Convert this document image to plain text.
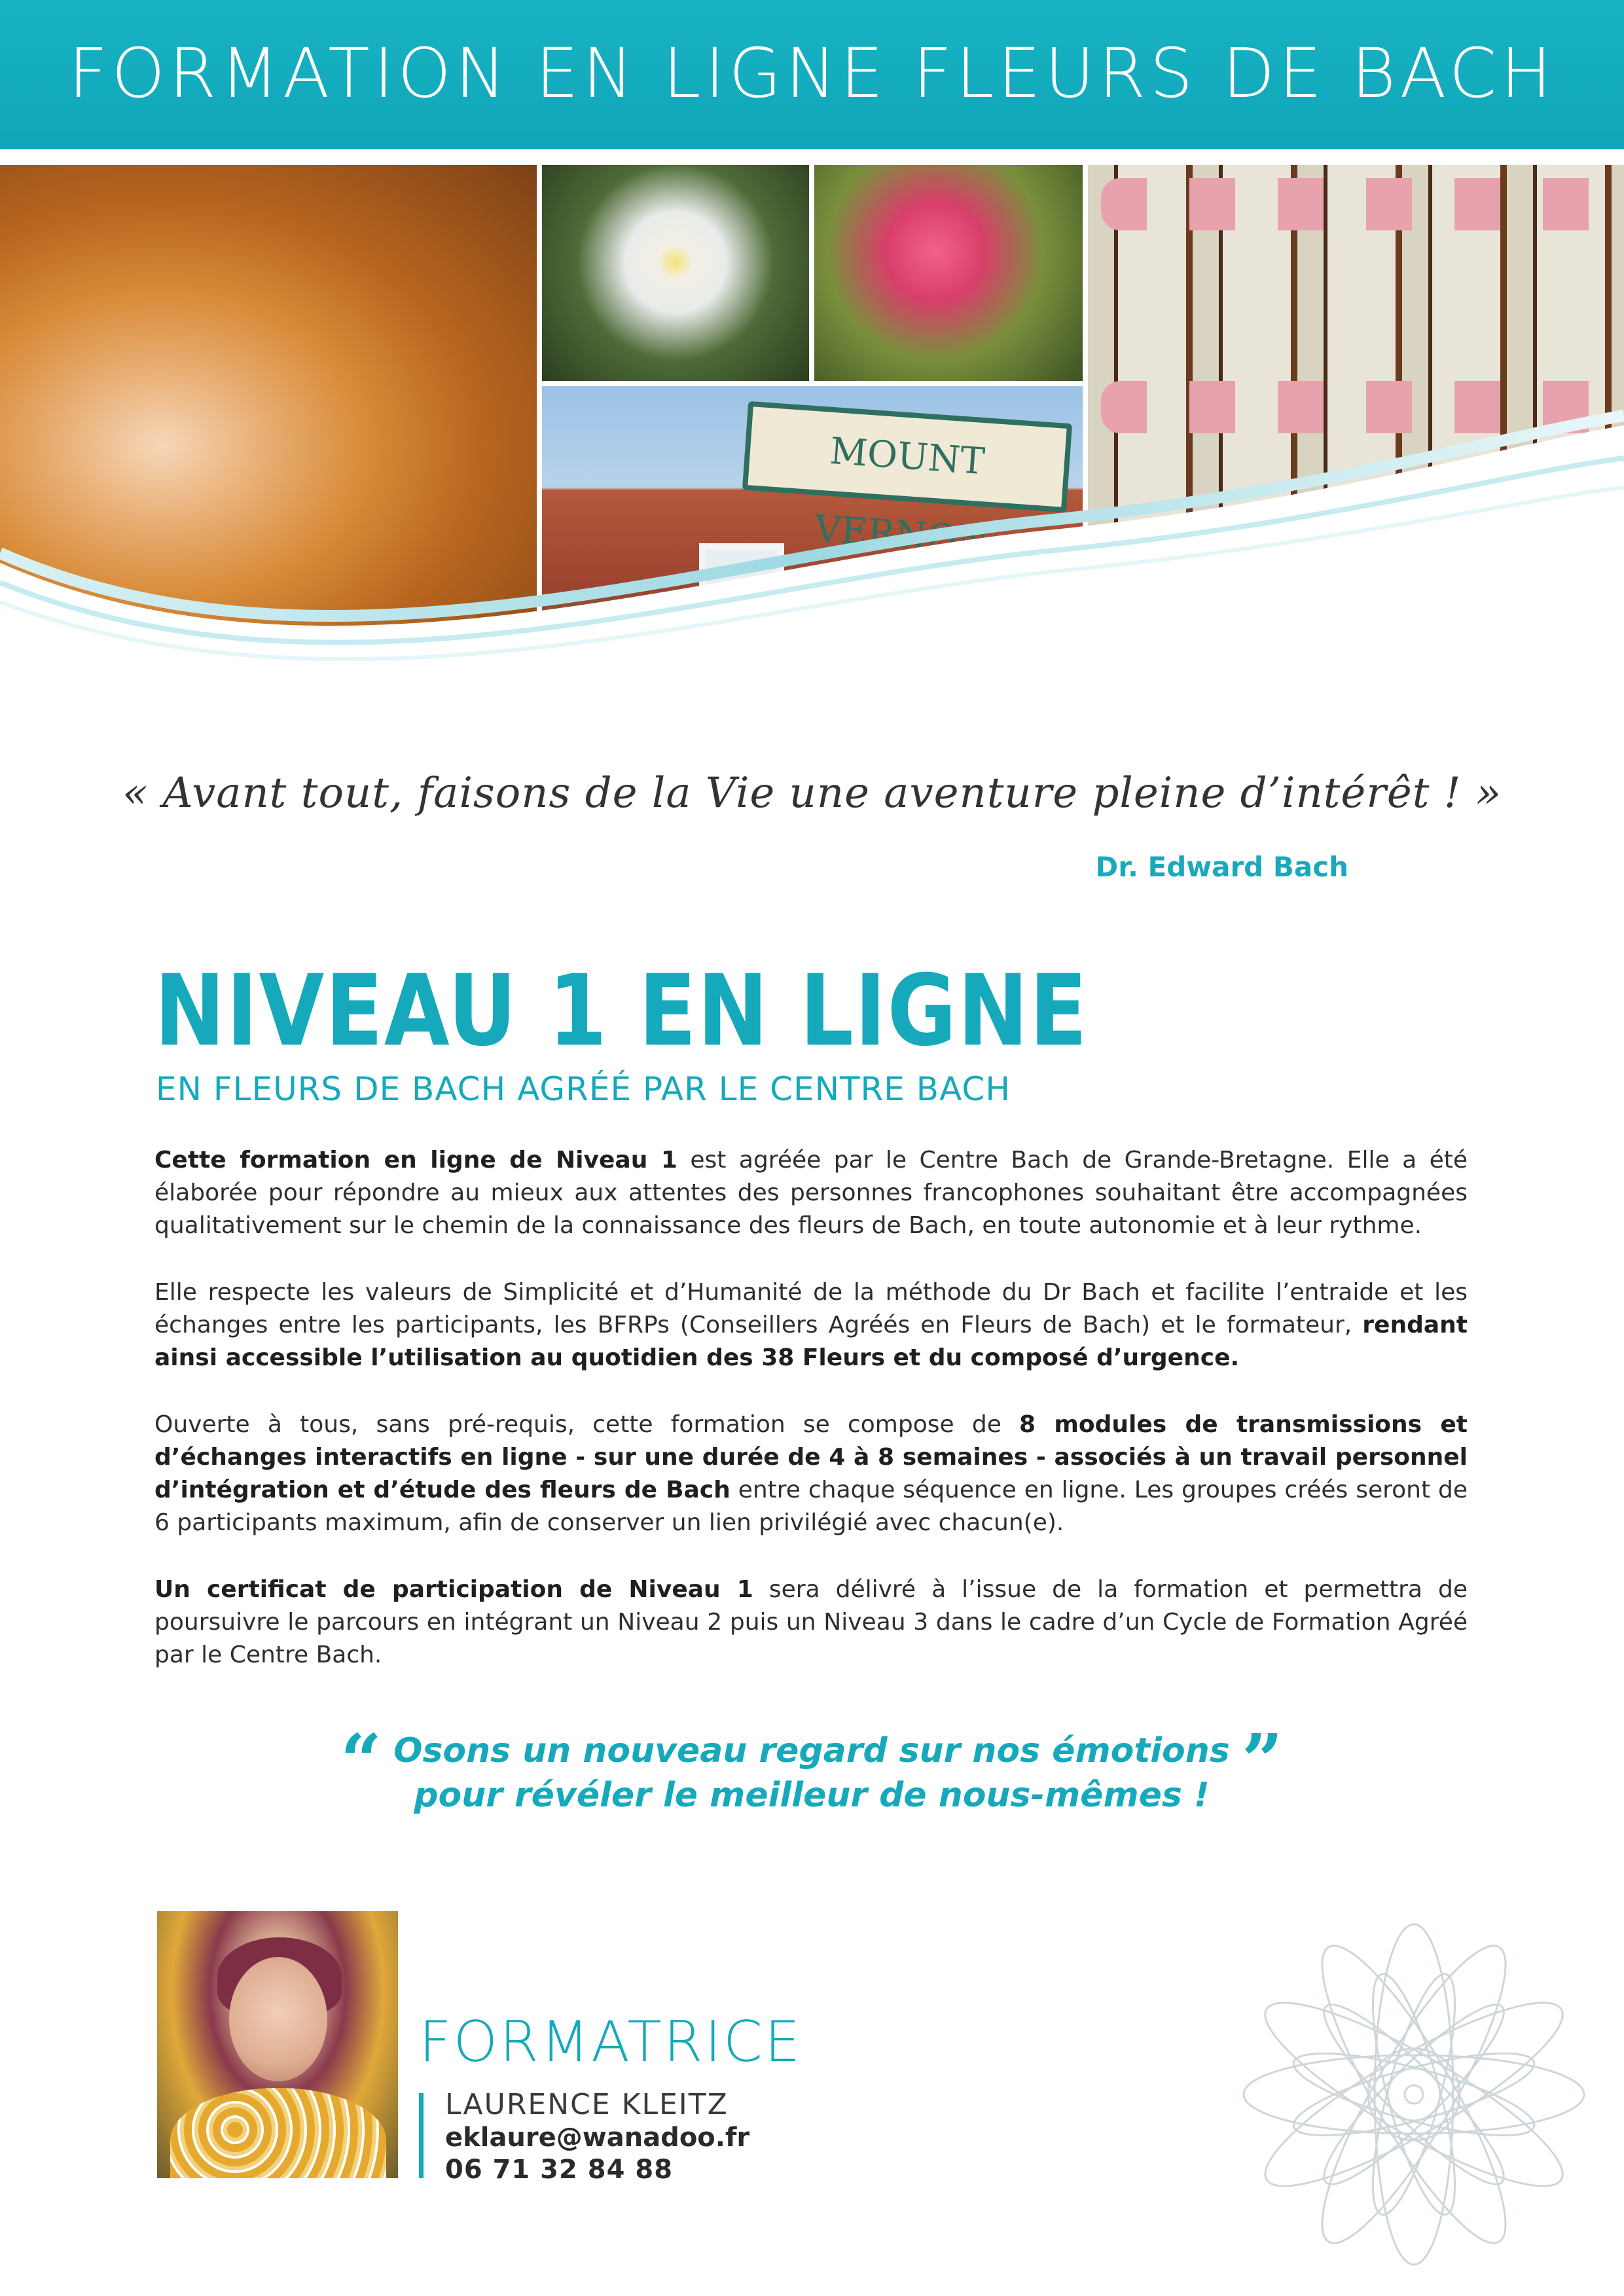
FORMATION EN LIGNE FLEURS DE BACH
MOUNT VERNON
« Avant tout, faisons de la Vie une aventure pleine d’intérêt ! »
Dr. Edward Bach
NIVEAU 1 EN LIGNE
EN FLEURS DE BACH AGRÉÉ PAR LE CENTRE BACH

Cette formation en ligne de Niveau 1 est agréée par le Centre Bach de Grande-Bretagne. Elle a été élaborée pour répondre au mieux aux attentes des personnes francophones souhaitant être accompagnées qualitativement sur le chemin de la connaissance des fleurs de Bach, en toute autonomie et à leur rythme.

Elle respecte les valeurs de Simplicité et d’Humanité de la méthode du Dr Bach et facilite l’entraide et les échanges entre les participants, les BFRPs (Conseillers Agréés en Fleurs de Bach) et le formateur, rendant ainsi accessible l’utilisation au quotidien des 38 Fleurs et du composé d’urgence.

Ouverte à tous, sans pré-requis, cette formation se compose de 8 modules de transmissions et d’échanges interactifs en ligne - sur une durée de 4 à 8 semaines - associés à un travail personnel d’intégration et d’étude des fleurs de Bach entre chaque séquence en ligne. Les groupes créés seront de 6 participants maximum, afin de conserver un lien privilégié avec chacun(e).

Un certificat de participation de Niveau 1 sera délivré à l’issue de la formation et permettra de poursuivre le parcours en intégrant un Niveau 2 puis un Niveau 3 dans le cadre d’un Cycle de Formation Agréé par le Centre Bach.

“ Osons un nouveau regard sur nos émotions
pour révéler le meilleur de nous-mêmes ! ”
FORMATRICE
LAURENCE KLEITZ
eklaure@wanadoo.fr
06 71 32 84 88
